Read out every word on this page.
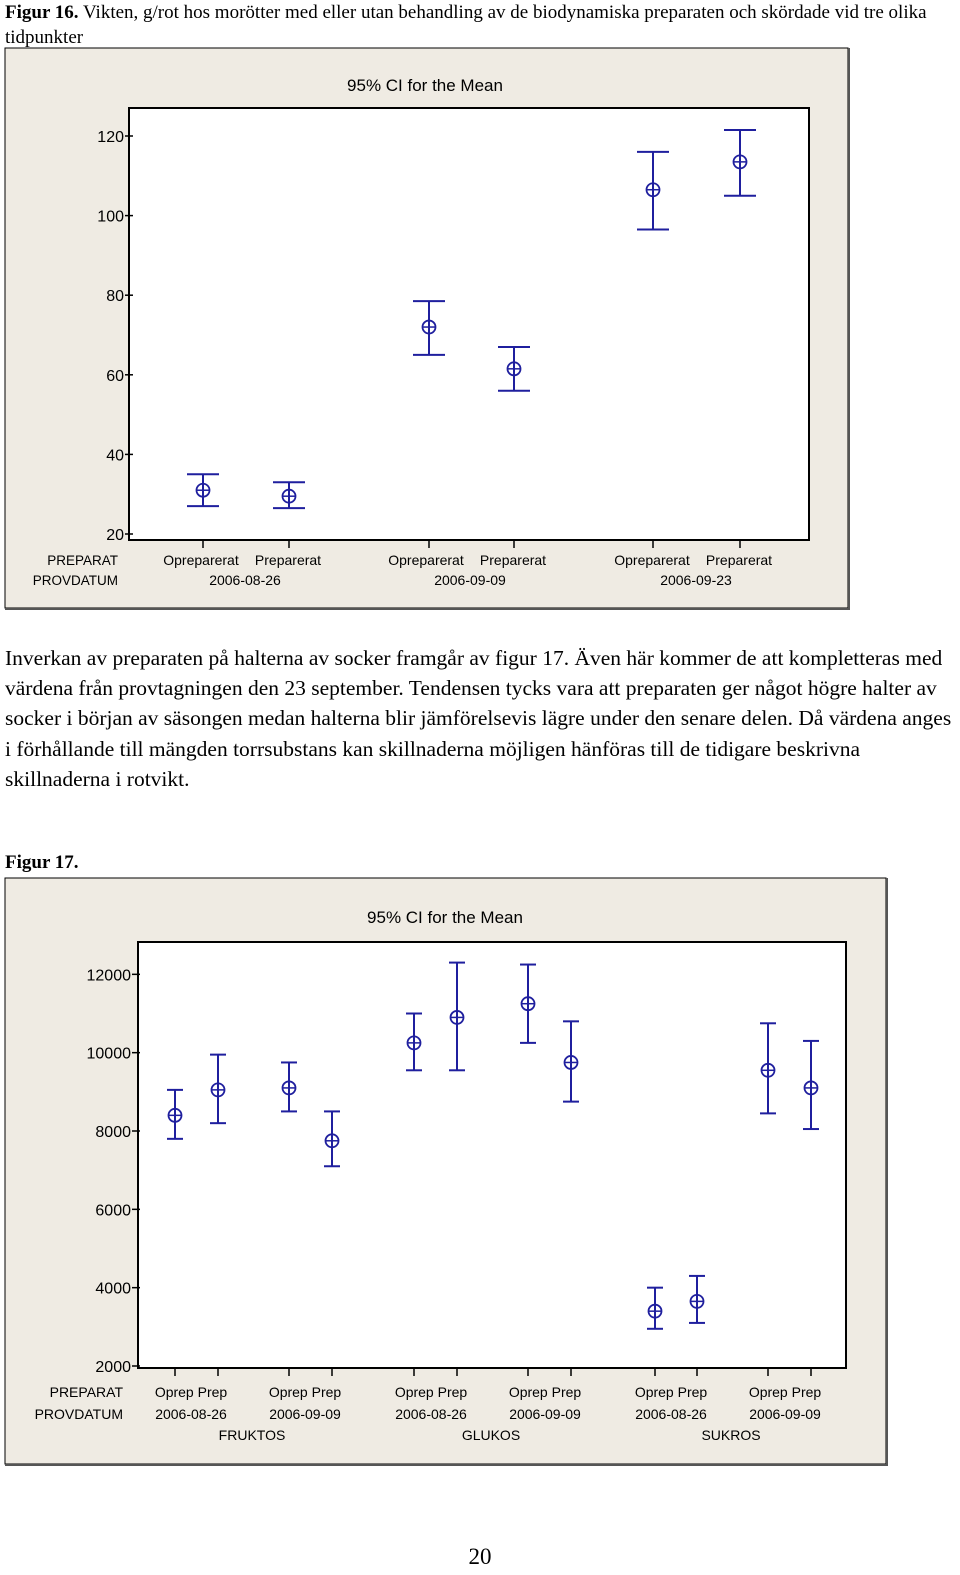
Figur 16. Vikten, g/rot hos morötter med eller utan behandling av de biodynamiska preparaten och skördade vid tre olika tidpunkter
95% CI for the Mean
20
40
60
80
100
120
PREPARAT
PROVDATUM
Opreparerat Preparerat	Opreparerat Preparerat	Opreparerat Preparerat
2006-08-26	2006-09-09	2006-09-23
95% CI for the Mean
2000
4000
6000
8000
10000
12000
PREPARAT
PROVDATUM
Oprep Prep	Oprep Prep	Oprep Prep	Oprep Prep	Oprep Prep	Oprep Prep
2006-08-26	2006-09-09	2006-08-26	2006-09-09	2006-08-26	2006-09-09
FRUKTOS	GLUKOS	SUKROS
Inverkan av preparaten på halterna av socker framgår av figur 17. Även här kommer de att kompletteras med värdena från provtagningen den 23 september. Tendensen tycks vara att preparaten ger något högre halter av socker i början av säsongen medan halterna blir jämförelsevis lägre under den senare delen. Då värdena anges i förhållande till mängden torrsubstans kan skillnaderna möjligen hänföras till de tidigare beskrivna skillnaderna i rotvikt.
Figur 17.
20
